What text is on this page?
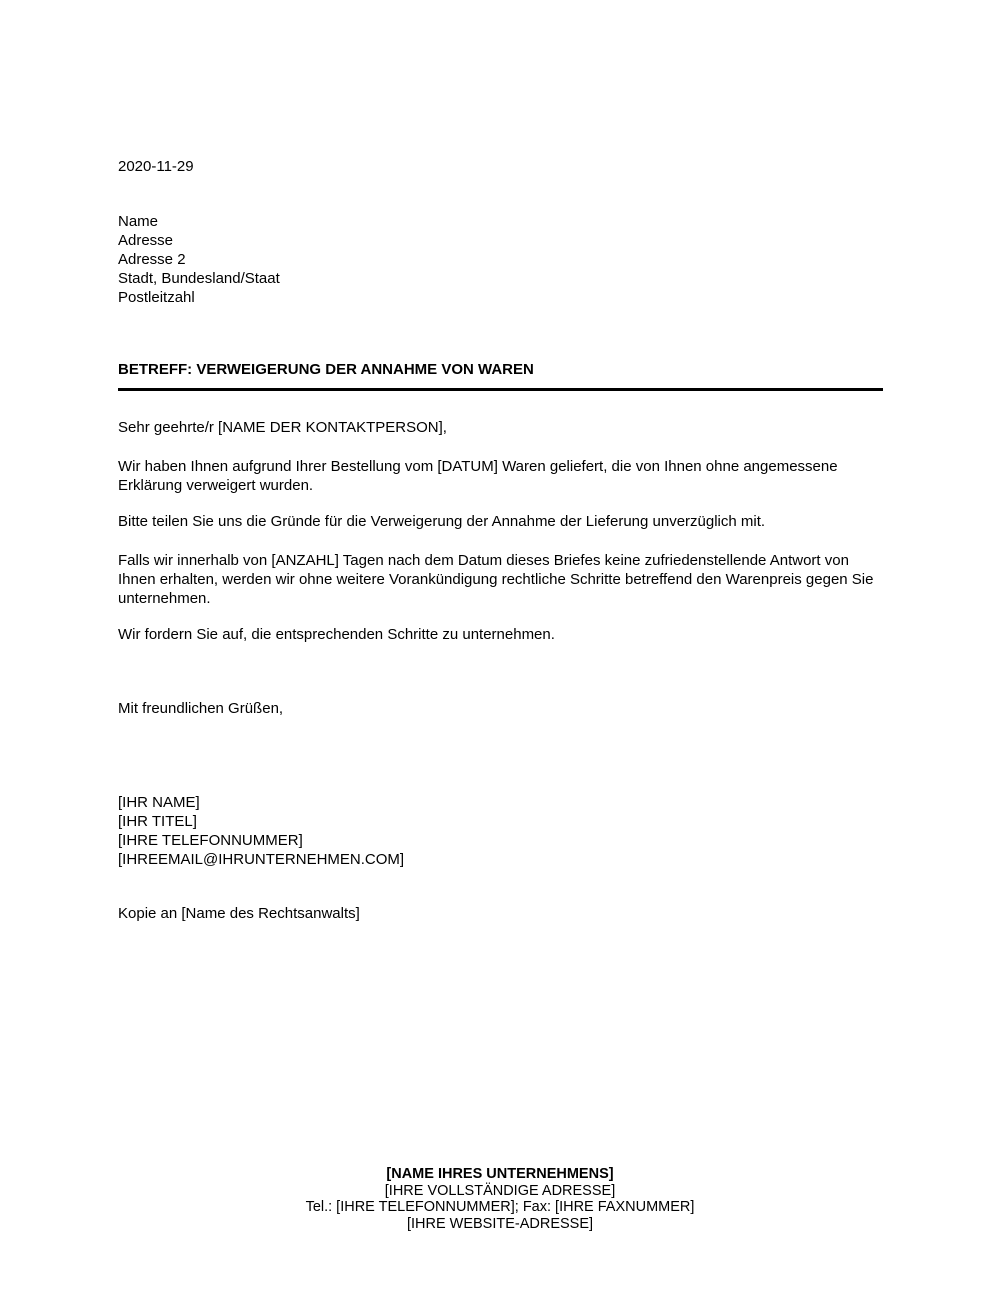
2020-11-29
Name
Adresse
Adresse 2
Stadt, Bundesland/Staat
Postleitzahl
BETREFF: VERWEIGERUNG DER ANNAHME VON WAREN
Sehr geehrte/r [NAME DER KONTAKTPERSON],
Wir haben Ihnen aufgrund Ihrer Bestellung vom [DATUM] Waren geliefert, die von Ihnen ohne angemessene Erklärung verweigert wurden.
Bitte teilen Sie uns die Gründe für die Verweigerung der Annahme der Lieferung unverzüglich mit.
Falls wir innerhalb von [ANZAHL] Tagen nach dem Datum dieses Briefes keine zufriedenstellende Antwort von Ihnen erhalten, werden wir ohne weitere Vorankündigung rechtliche Schritte betreffend den Warenpreis gegen Sie unternehmen.
Wir fordern Sie auf, die entsprechenden Schritte zu unternehmen.
Mit freundlichen Grüßen,
[IHR NAME]
[IHR TITEL]
[IHRE TELEFONNUMMER]
[IHREEMAIL@IHRUNTERNEHMEN.COM]
Kopie an [Name des Rechtsanwalts]
[NAME IHRES UNTERNEHMENS]
[IHRE VOLLSTÄNDIGE ADRESSE]
Tel.: [IHRE TELEFONNUMMER]; Fax: [IHRE FAXNUMMER]
[IHRE WEBSITE-ADRESSE]
